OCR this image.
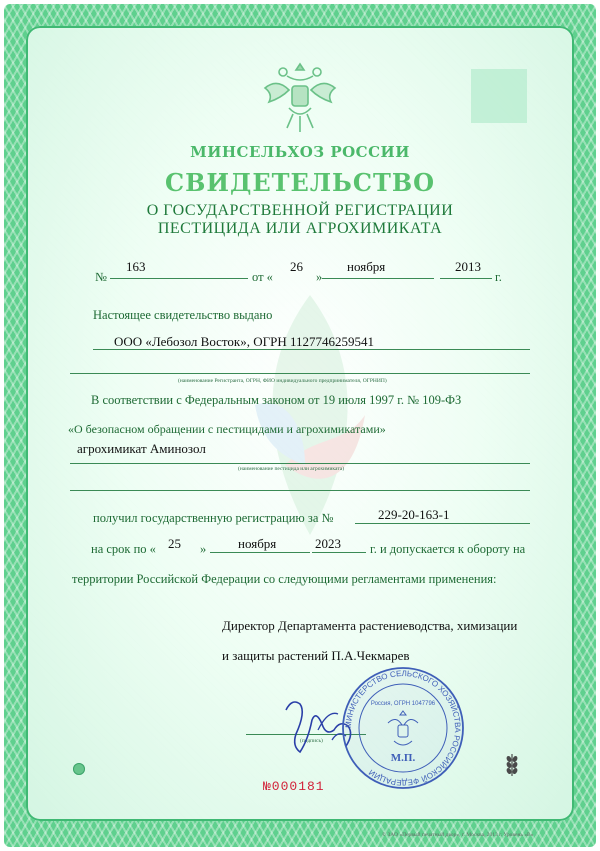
МИНСЕЛЬХОЗ РОССИИ
СВИДЕТЕЛЬСТВО
О ГОСУДАРСТВЕННОЙ РЕГИСТРАЦИИ
ПЕСТИЦИДА ИЛИ АГРОХИМИКАТА
№
163
от «
26
»
ноября	2013
г.
Настоящее свидетельство выдано
ООО «Лебозол Восток», ОГРН 1127746259541
(наименование Регистранта, ОГРН, ФИО индивидуального предпринимателя, ОГРНИП)
В соответствии с Федеральным законом от 19 июля 1997 г. № 109-ФЗ
«О безопасном обращении с пестицидами и агрохимикатами»
агрохимикат Аминозол
(наименование пестицида или агрохимиката)
получил государственную регистрацию за №	229-20-163-1
на срок по « 25 » ноября	2023 г. и допускается к обороту на
территории Российской Федерации со следующими регламентами применения:
Директор Департамента растениеводства, химизации
и защиты растений П.А.Чекмарев
(подпись)
МИНИСТЕРСТВО СЕЛЬСКОГО ХОЗЯЙСТВА РОССИЙСКОЙ ФЕДЕРАЦИИ
Россия, ОГРН 1047796
М.П.
№000181
© ЗАО «Первый печатный двор», г. Москва, 2013 г. Уровень «В»
